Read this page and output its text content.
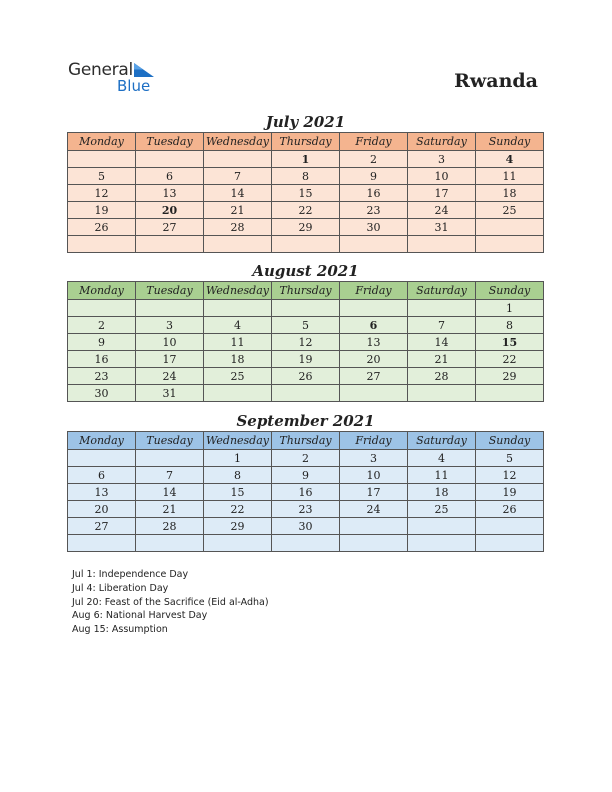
General
Blue	Rwanda
July 2021
Monday	Tuesday	Wednesday	Thursday	Friday	Saturday	Sunday
			1	2	3	4
5	6	7	8	9	10	11
12	13	14	15	16	17	18
19	20	21	22	23	24	25
26	27	28	29	30	31	

August 2021
Monday	Tuesday	Wednesday	Thursday	Friday	Saturday	Sunday
						1
2	3	4	5	6	7	8
9	10	11	12	13	14	15
16	17	18	19	20	21	22
23	24	25	26	27	28	29
30	31					
September 2021
Monday	Tuesday	Wednesday	Thursday	Friday	Saturday	Sunday
		1	2	3	4	5
6	7	8	9	10	11	12
13	14	15	16	17	18	19
20	21	22	23	24	25	26
27	28	29	30			

Jul 1: Independence Day
Jul 4: Liberation Day
Jul 20: Feast of the Sacrifice (Eid al-Adha)
Aug 6: National Harvest Day
Aug 15: Assumption
